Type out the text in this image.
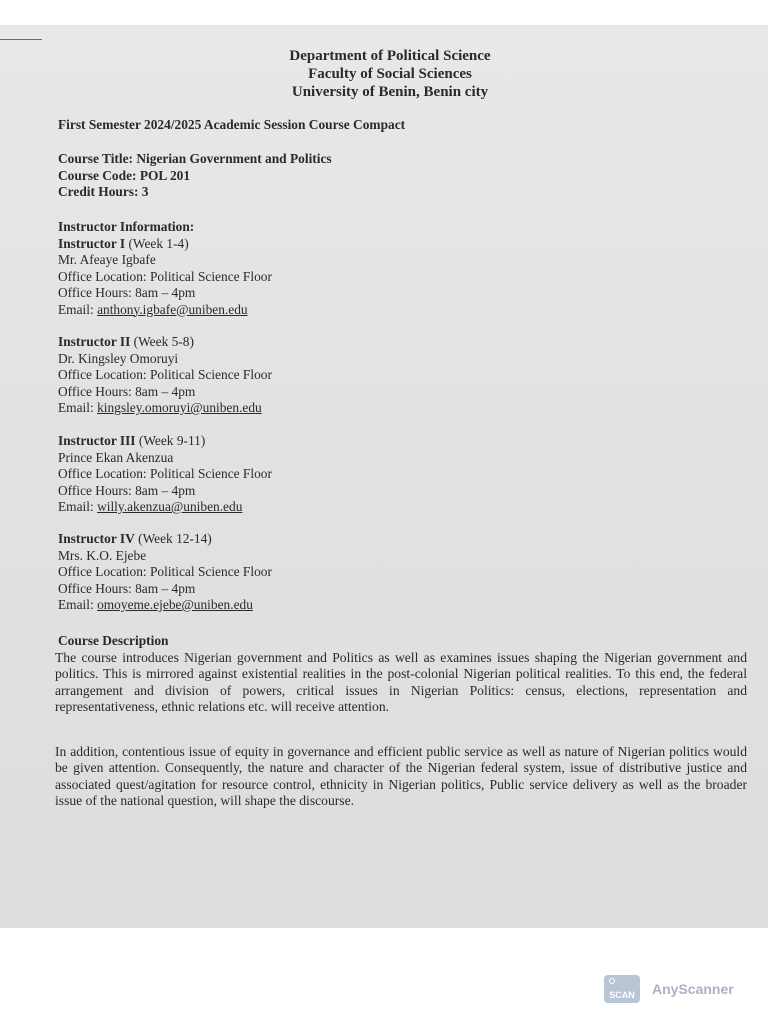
Department of Political Science
Faculty of Social Sciences
University of Benin, Benin city
First Semester 2024/2025 Academic Session Course Compact
Course Title: Nigerian Government and Politics
Course Code: POL 201
Credit Hours: 3
Instructor Information:
Instructor I (Week 1-4)
Mr. Afeaye Igbafe
Office Location: Political Science Floor
Office Hours: 8am – 4pm
Email: anthony.igbafe@uniben.edu
Instructor II (Week 5-8)
Dr. Kingsley Omoruyi
Office Location: Political Science Floor
Office Hours: 8am – 4pm
Email: kingsley.omoruyi@uniben.edu
Instructor III (Week 9-11)
Prince Ekan Akenzua
Office Location: Political Science Floor
Office Hours: 8am – 4pm
Email: willy.akenzua@uniben.edu
Instructor IV (Week 12-14)
Mrs. K.O. Ejebe
Office Location: Political Science Floor
Office Hours: 8am – 4pm
Email: omoyeme.ejebe@uniben.edu
Course Description
The course introduces Nigerian government and Politics as well as examines issues shaping the Nigerian government and politics. This is mirrored against existential realities in the post-colonial Nigerian political realities. To this end, the federal arrangement and division of powers, critical issues in Nigerian Politics: census, elections, representation and representativeness, ethnic relations etc. will receive attention.
In addition, contentious issue of equity in governance and efficient public service as well as nature of Nigerian politics would be given attention. Consequently, the nature and character of the Nigerian federal system, issue of distributive justice and associated quest/agitation for resource control, ethnicity in Nigerian politics, Public service delivery as well as the broader issue of the national question, will shape the discourse.
SCAN AnyScanner
